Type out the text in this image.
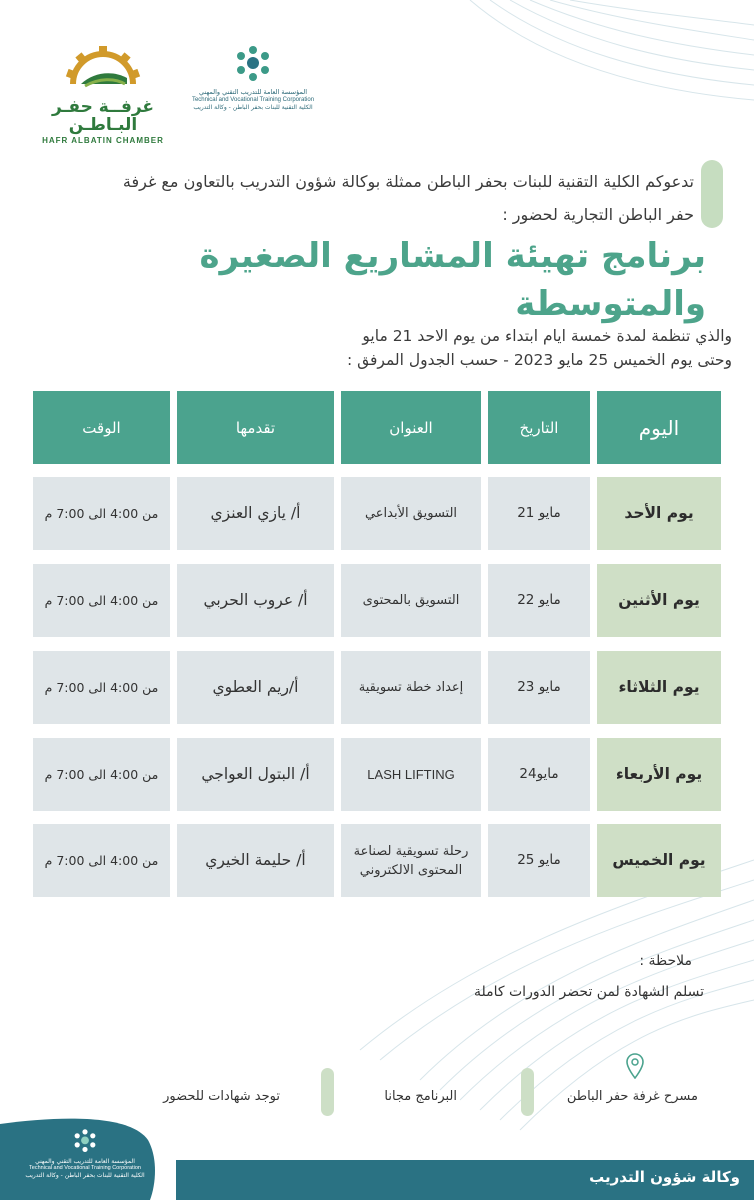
غرفــة حفـر البـاطـن
HAFR ALBATIN CHAMBER
المؤسسة العامة للتدريب التقني والمهني
Technical and Vocational Training Corporation
الكلية التقنية للبنات بحفر الباطن - وكالة التدريب
تدعوكم الكلية التقنية للبنات بحفر الباطن ممثلة بوكالة شؤون التدريب بالتعاون مع غرفة
حفر الباطن التجارية لحضور :
برنامج تهيئة المشاريع الصغيرة والمتوسطة
والذي تنظمة لمدة خمسة ايام ابتداء من يوم الاحد 21 مايو
وحتى يوم الخميس 25 مايو 2023 - حسب الجدول المرفق :
اليوم
التاريخ
العنوان
تقدمها
الوقت
يوم الأحد
مايو 21
التسويق الأبداعي
أ/ يازي العنزي
من 4:00 الى 7:00 م
يوم الأثنين
مايو 22
التسويق بالمحتوى
أ/ عروب الحربي
من 4:00 الى 7:00 م
يوم الثلاثاء
مايو 23
إعداد خطة تسويقية
أ/ريم العطوي
من 4:00 الى 7:00 م
يوم الأربعاء
مايو24
LASH LIFTING
أ/ البتول العواجي
من 4:00 الى 7:00 م
يوم الخميس
مايو 25
رحلة تسويقية لصناعة المحتوى الالكتروني
أ/ حليمة الخيري
من 4:00 الى 7:00 م
ملاحظة :
تسلم الشهادة لمن تحضر الدورات كاملة
مسرح غرفة حفر الباطن
البرنامج مجانا
توجد شهادات للحضور
المؤسسة العامة للتدريب التقني والمهني
Technical and Vocational Training Corporation
الكلية التقنية للبنات بحفر الباطن - وكالة التدريب	وكالة شؤون التدريب
